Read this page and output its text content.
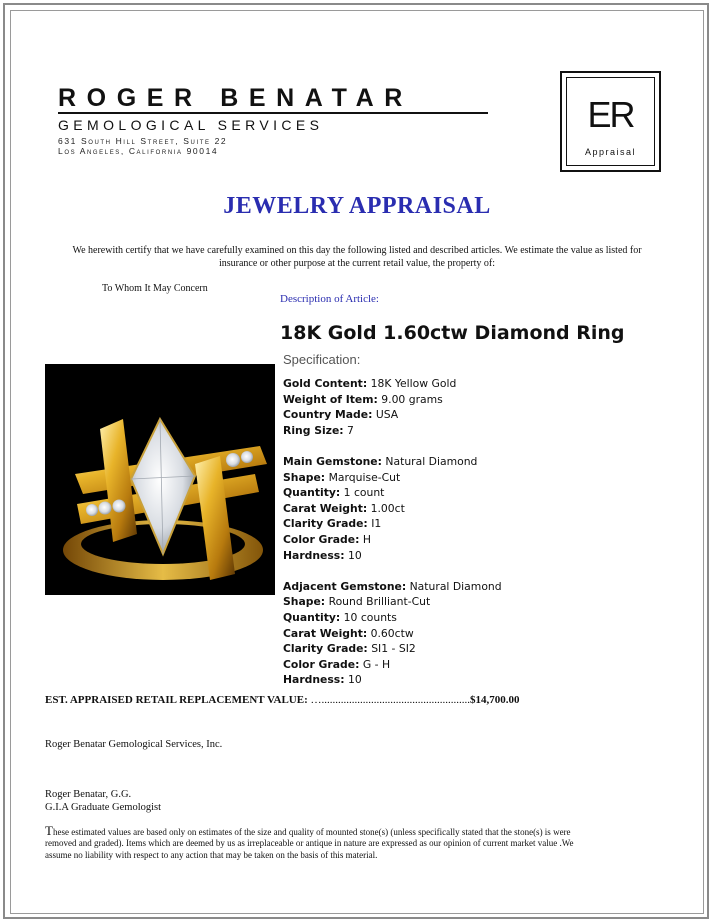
ROGER BENATAR
GEMOLOGICAL SERVICES
631 South Hill Street, Suite 22
Los Angeles, California 90014
ER
Appraisal
JEWELRY APPRAISAL
We herewith certify that we have carefully examined on this day the following listed and described articles. We estimate the value as listed for insurance or other purpose at the current retail value, the property of:
To Whom It May Concern
Description of Article:
18K Gold 1.60ctw Diamond Ring
Specification:
Gold Content: 18K Yellow Gold
Weight of Item: 9.00 grams
Country Made: USA
Ring Size: 7
Main Gemstone: Natural Diamond
Shape: Marquise-Cut
Quantity: 1 count
Carat Weight: 1.00ct
Clarity Grade: I1
Color Grade: H
Hardness: 10
Adjacent Gemstone: Natural Diamond
Shape: Round Brilliant-Cut
Quantity: 10 counts
Carat Weight: 0.60ctw
Clarity Grade: SI1 - SI2
Color Grade: G - H
Hardness: 10
EST. APPRAISED RETAIL REPLACEMENT VALUE: …......................................................$14,700.00
Roger Benatar Gemological Services, Inc.
Roger Benatar, G.G.
G.I.A Graduate Gemologist
These estimated values are based only on estimates of the size and quality of mounted stone(s) (unless specifically stated that the stone(s) is were removed and graded). Items which are deemed by us as irreplaceable or antique in nature are expressed as our opinion of current market value .We assume no liability with respect to any action that may be taken on the basis of this material.
